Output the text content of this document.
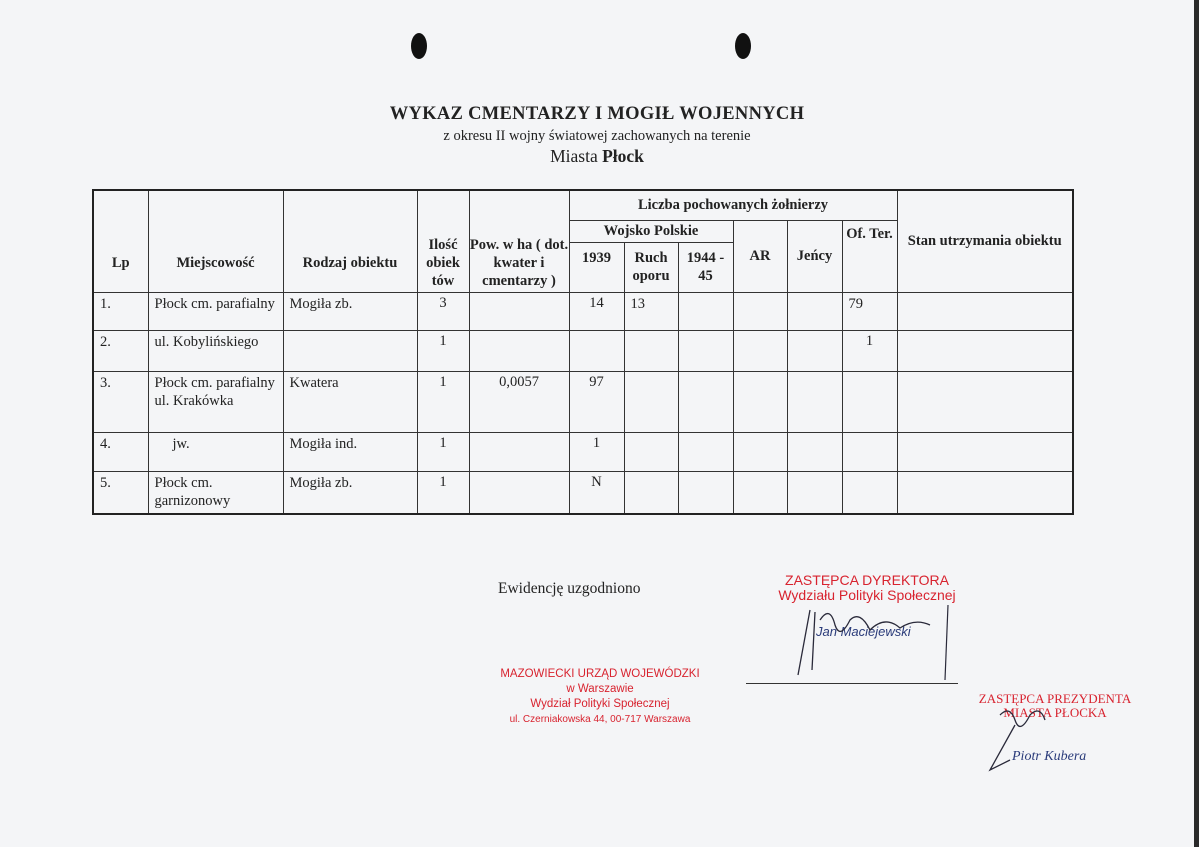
WYKAZ CMENTARZY I MOGIŁ WOJENNYCH
z okresu II wojny światowej zachowanych na terenie
Miasta Płock
Lp	Miejscowość	Rodzaj obiektu	Ilość obiek tów	Pow. w ha ( dot. kwater i cmentarzy )	Liczba pochowanych żołnierzy						Stan utrzymania obiektu
					Wojsko Polskie			AR	Jeńcy	Of. Ter.	
					1939	Ruch oporu	1944 - 45				
1.	Płock cm. parafialny	Mogiła zb.	3		14	13				79	
2.	ul. Kobylińskiego		1							1	
3.	Płock cm. parafialny ul. Krakówka	Kwatera	1	0,0057	97						
4.	jw.	Mogiła ind.	1		1						
5.	Płock cm. garnizonowy	Mogiła zb.	1		N						
Ewidencję uzgodniono
MAZOWIECKI URZĄD WOJEWÓDZKI
w Warszawie
Wydział Polityki Społecznej
ul. Czerniakowska 44, 00-717 Warszawa
ZASTĘPCA DYREKTORA
Wydziału Polityki Społecznej
Jan Maciejewski
ZASTĘPCA PREZYDENTA
MIASTA PŁOCKA
Piotr Kubera
